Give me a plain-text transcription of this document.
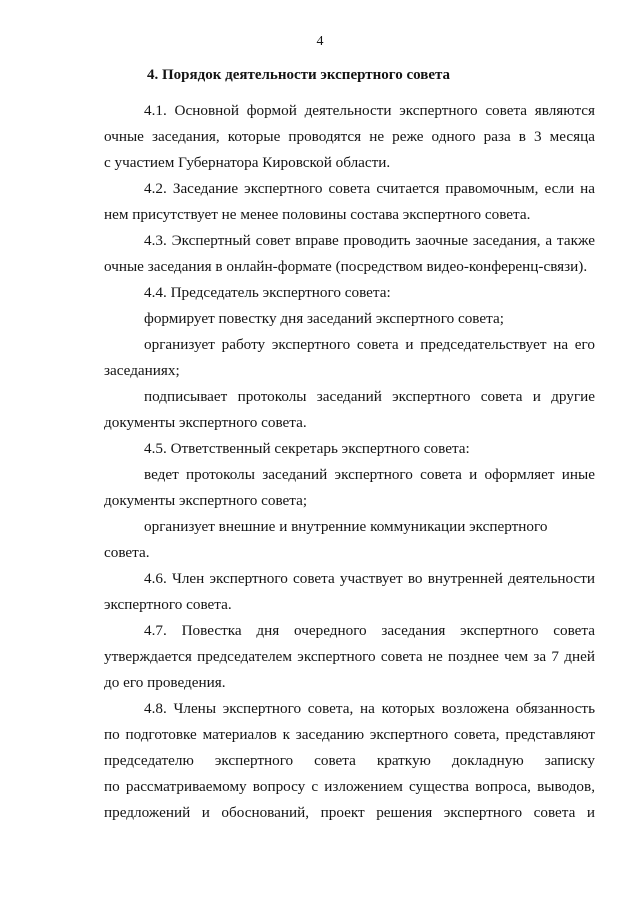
4
4. Порядок деятельности экспертного совета

4.1. Основной формой деятельности экспертного совета являются
очные заседания, которые проводятся не реже одного раза в 3 месяца
с участием Губернатора Кировской области.

4.2. Заседание экспертного совета считается правомочным, если на
нем присутствует не менее половины состава экспертного совета.

4.3. Экспертный совет вправе проводить заочные заседания, а также
очные заседания в онлайн-формате (посредством видео-конференц-связи).

4.4. Председатель экспертного совета:

формирует повестку дня заседаний экспертного совета;

организует работу экспертного совета и председательствует на его
заседаниях;

подписывает протоколы заседаний экспертного совета и другие
документы экспертного совета.

4.5. Ответственный секретарь экспертного совета:

ведет протоколы заседаний экспертного совета и оформляет иные
документы экспертного совета;

организует внешние и внутренние коммуникации экспертного совета.

4.6. Член экспертного совета участвует во внутренней деятельности
экспертного совета.

4.7. Повестка дня очередного заседания экспертного совета
утверждается председателем экспертного совета не позднее чем за 7 дней
до его проведения.

4.8. Члены экспертного совета, на которых возложена обязанность
по подготовке материалов к заседанию экспертного совета, представляют
председателю экспертного совета краткую докладную записку
по рассматриваемому вопросу с изложением существа вопроса, выводов,
предложений и обоснований, проект решения экспертного совета и
